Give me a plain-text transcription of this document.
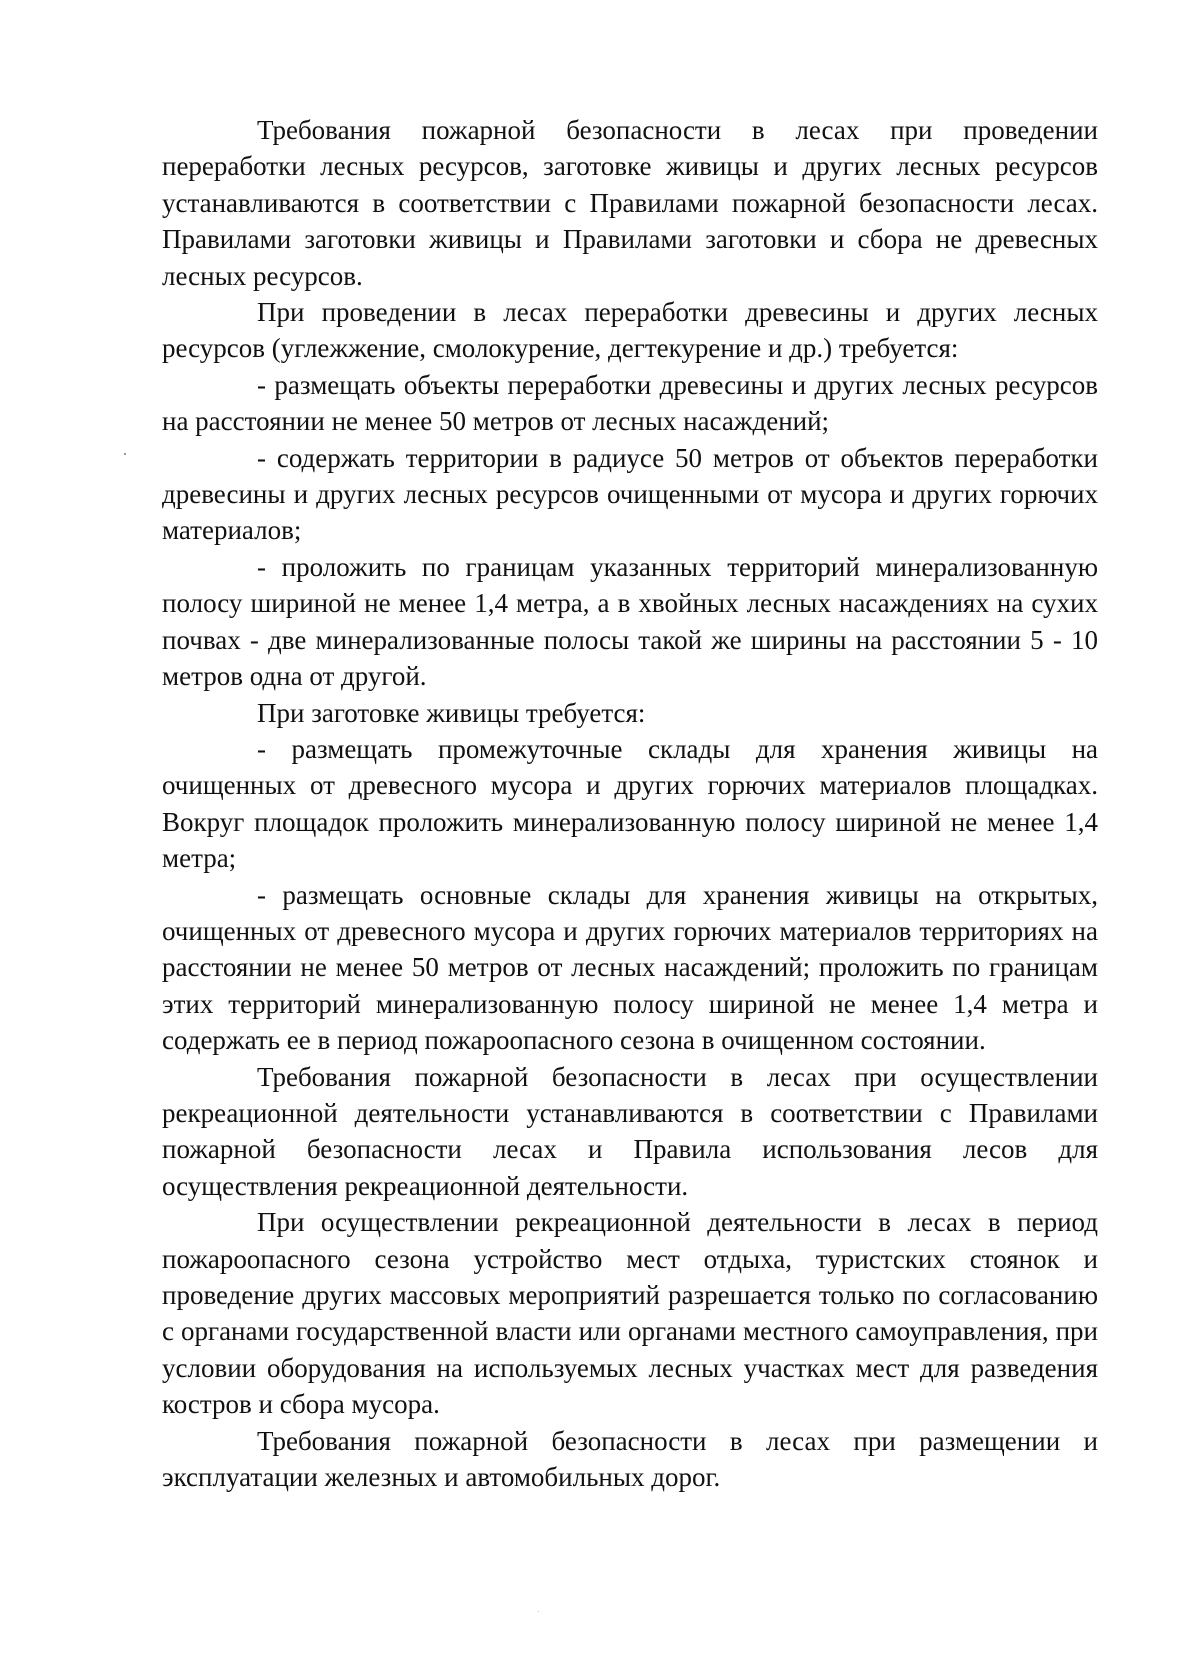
Требования пожарной безопасности в лесах при проведении переработки лесных ресурсов, заготовке живицы и других лесных ресурсов устанавливаются в соответствии с Правилами пожарной безопасности лесах. Правилами заготовки живицы и Правилами заготовки и сбора не древесных лесных ресурсов.

При проведении в лесах переработки древесины и других лесных ресурсов (углежжение, смолокурение, дегтекурение и др.) требуется:

- размещать объекты переработки древесины и других лесных ресурсов на расстоянии не менее 50 метров от лесных насаждений;

- содержать территории в радиусе 50 метров от объектов переработки древесины и других лесных ресурсов очищенными от мусора и других горючих материалов;

- проложить по границам указанных территорий минерализованную полосу шириной не менее 1,4 метра, а в хвойных лесных насаждениях на сухих почвах - две минерализованные полосы такой же ширины на расстоянии 5 - 10 метров одна от другой.

При заготовке живицы требуется:

- размещать промежуточные склады для хранения живицы на очищенных от древесного мусора и других горючих материалов площадках. Вокруг площадок проложить минерализованную полосу шириной не менее 1,4 метра;

- размещать основные склады для хранения живицы на открытых, очищенных от древесного мусора и других горючих материалов территориях на расстоянии не менее 50 метров от лесных насаждений; проложить по границам этих территорий минерализованную полосу шириной не менее 1,4 метра и содержать ее в период пожароопасного сезона в очищенном состоянии.

Требования пожарной безопасности в лесах при осуществлении рекреационной деятельности устанавливаются в соответствии с Правилами пожарной безопасности лесах и Правила использования лесов для осуществления рекреационной деятельности.

При осуществлении рекреационной деятельности в лесах в период пожароопасного сезона устройство мест отдыха, туристских стоянок и проведение других массовых мероприятий разрешается только по согласованию с органами государственной власти или органами местного самоуправления, при условии оборудования на используемых лесных участках мест для разведения костров и сбора мусора.

Требования пожарной безопасности в лесах при размещении и эксплуатации железных и автомобильных дорог.
